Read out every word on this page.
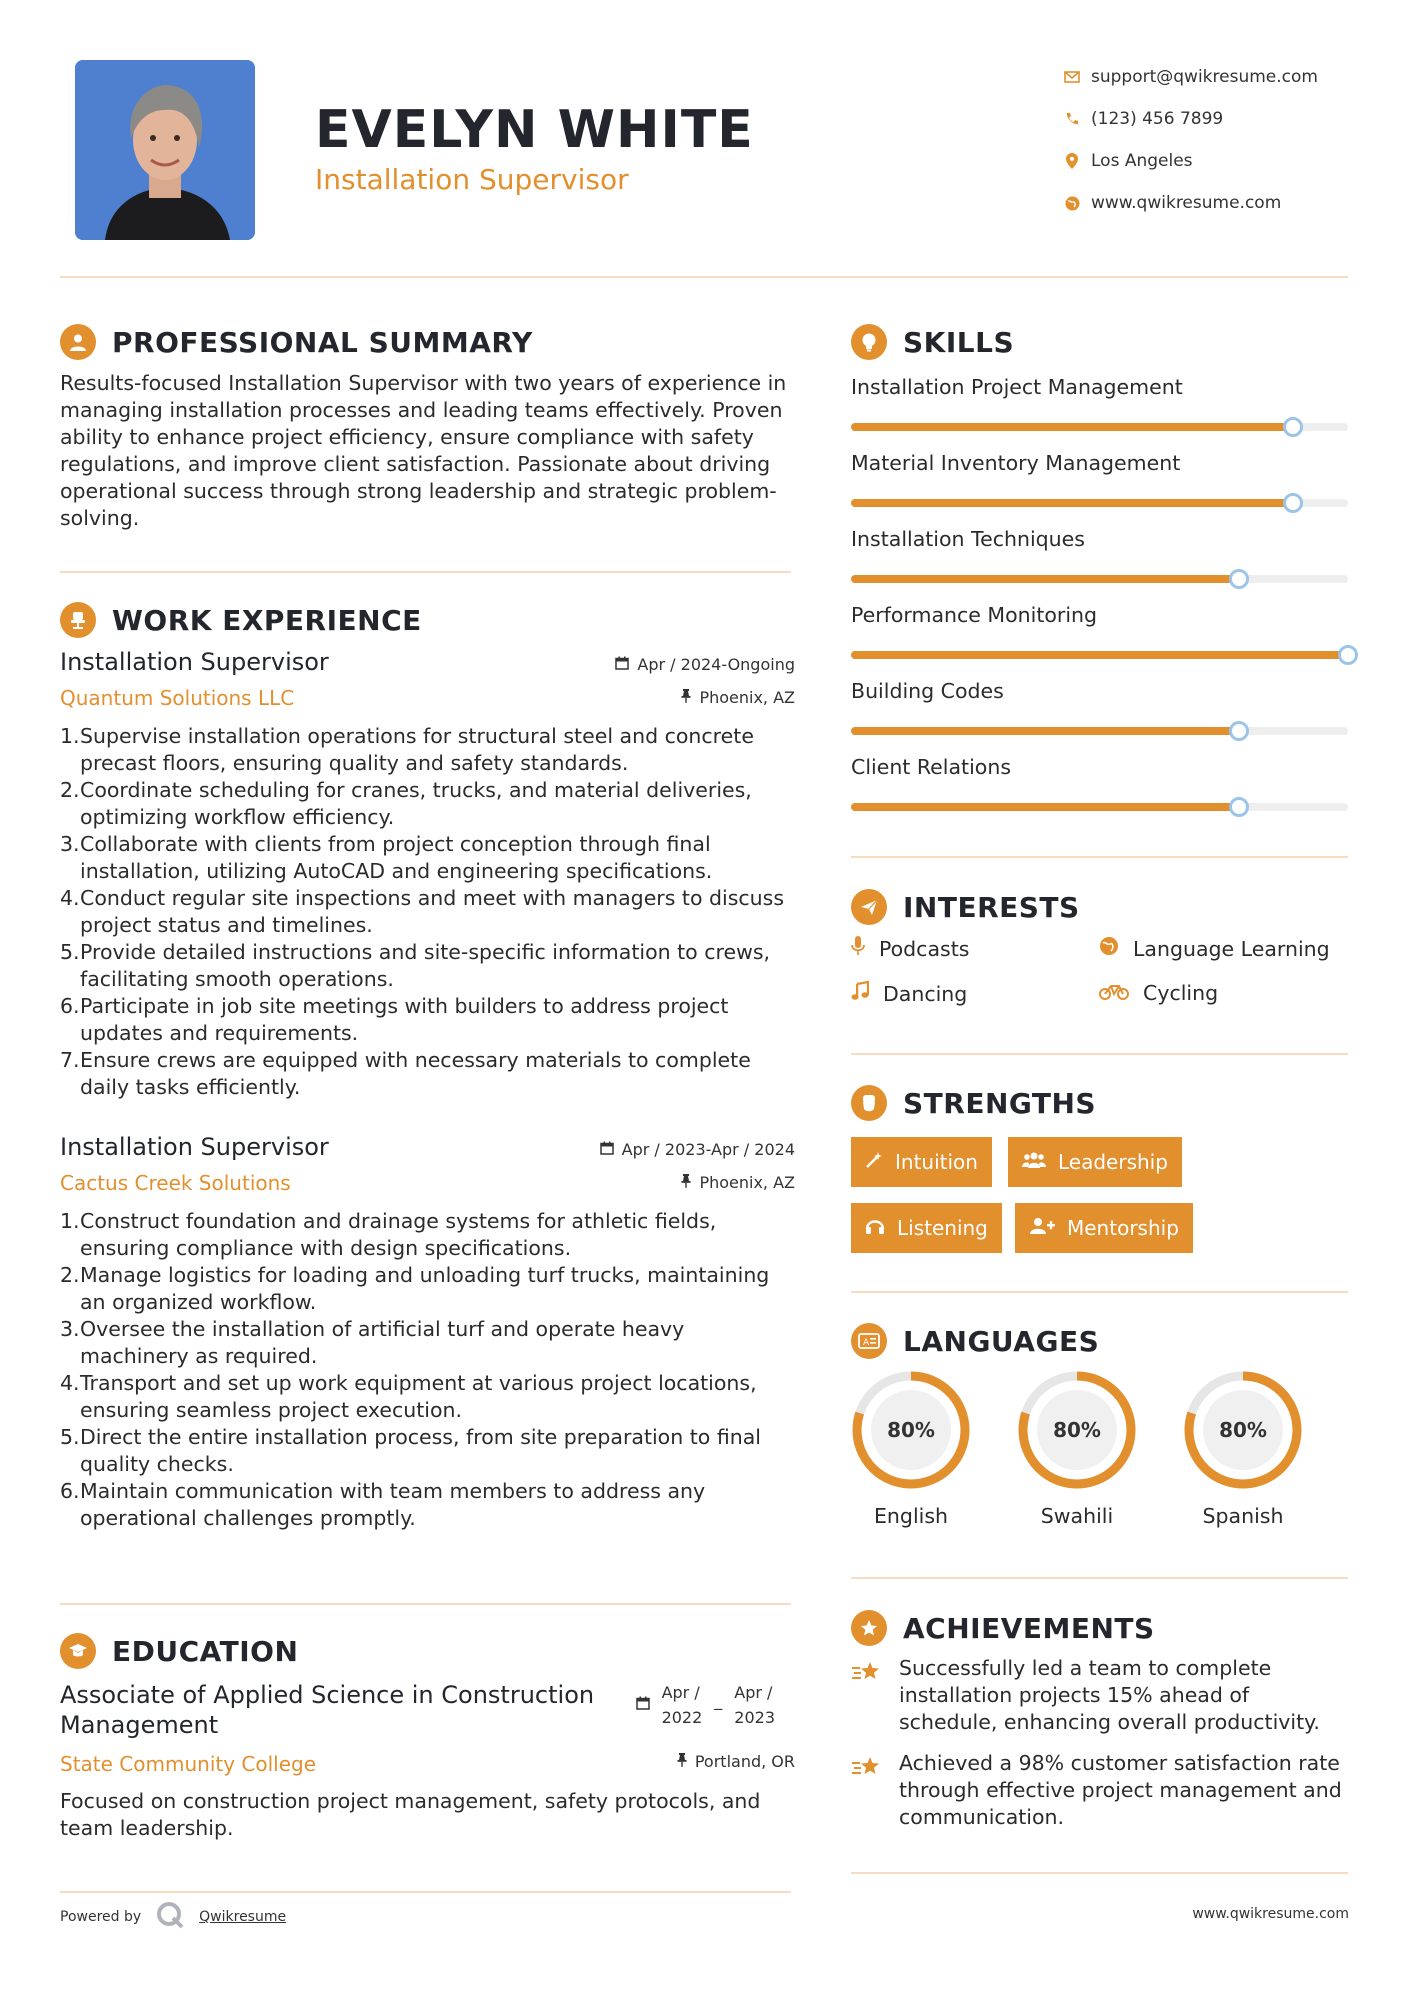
EVELYN WHITE
Installation Supervisor
support@qwikresume.com
(123) 456 7899
Los Angeles
www.qwikresume.com
PROFESSIONAL SUMMARY
Results-focused Installation Supervisor with two years of experience in managing installation processes and leading teams effectively. Proven ability to enhance project efficiency, ensure compliance with safety regulations, and improve client satisfaction. Passionate about driving operational success through strong leadership and strategic problem-solving.
WORK EXPERIENCE
Installation Supervisor
Quantum Solutions LLC
Apr / 2024-Ongoing
Phoenix, AZ
1. Supervise installation operations for structural steel and concrete precast floors, ensuring quality and safety standards.
2. Coordinate scheduling for cranes, trucks, and material deliveries, optimizing workflow efficiency.
3. Collaborate with clients from project conception through final installation, utilizing AutoCAD and engineering specifications.
4. Conduct regular site inspections and meet with managers to discuss project status and timelines.
5. Provide detailed instructions and site-specific information to crews, facilitating smooth operations.
6. Participate in job site meetings with builders to address project updates and requirements.
7. Ensure crews are equipped with necessary materials to complete daily tasks efficiently.
Installation Supervisor
Cactus Creek Solutions
Apr / 2023-Apr / 2024
Phoenix, AZ
1. Construct foundation and drainage systems for athletic fields, ensuring compliance with design specifications.
2. Manage logistics for loading and unloading turf trucks, maintaining an organized workflow.
3. Oversee the installation of artificial turf and operate heavy machinery as required.
4. Transport and set up work equipment at various project locations, ensuring seamless project execution.
5. Direct the entire installation process, from site preparation to final quality checks.
6. Maintain communication with team members to address any operational challenges promptly.
EDUCATION
Associate of Applied Science in Construction Management
State Community College
Focused on construction project management, safety protocols, and team leadership.
Apr /
2022
_ Apr /
2023
Portland, OR
SKILLS
Installation Project Management
Material Inventory Management
Installation Techniques
Performance Monitoring
Building Codes
Client Relations
INTERESTS
Podcasts	Language Learning
Dancing	Cycling
STRENGTHS
Intuition	Leadership
Listening	Mentorship
A LANGUAGES
80%
English
80%
Swahili
80%
Spanish
ACHIEVEMENTS

Successfully led a team to complete installation projects 15% ahead of schedule, enhancing overall productivity.

Achieved a 98% customer satisfaction rate through effective project management and communication.

Powered by	Qwikresume	www.qwikresume.com
